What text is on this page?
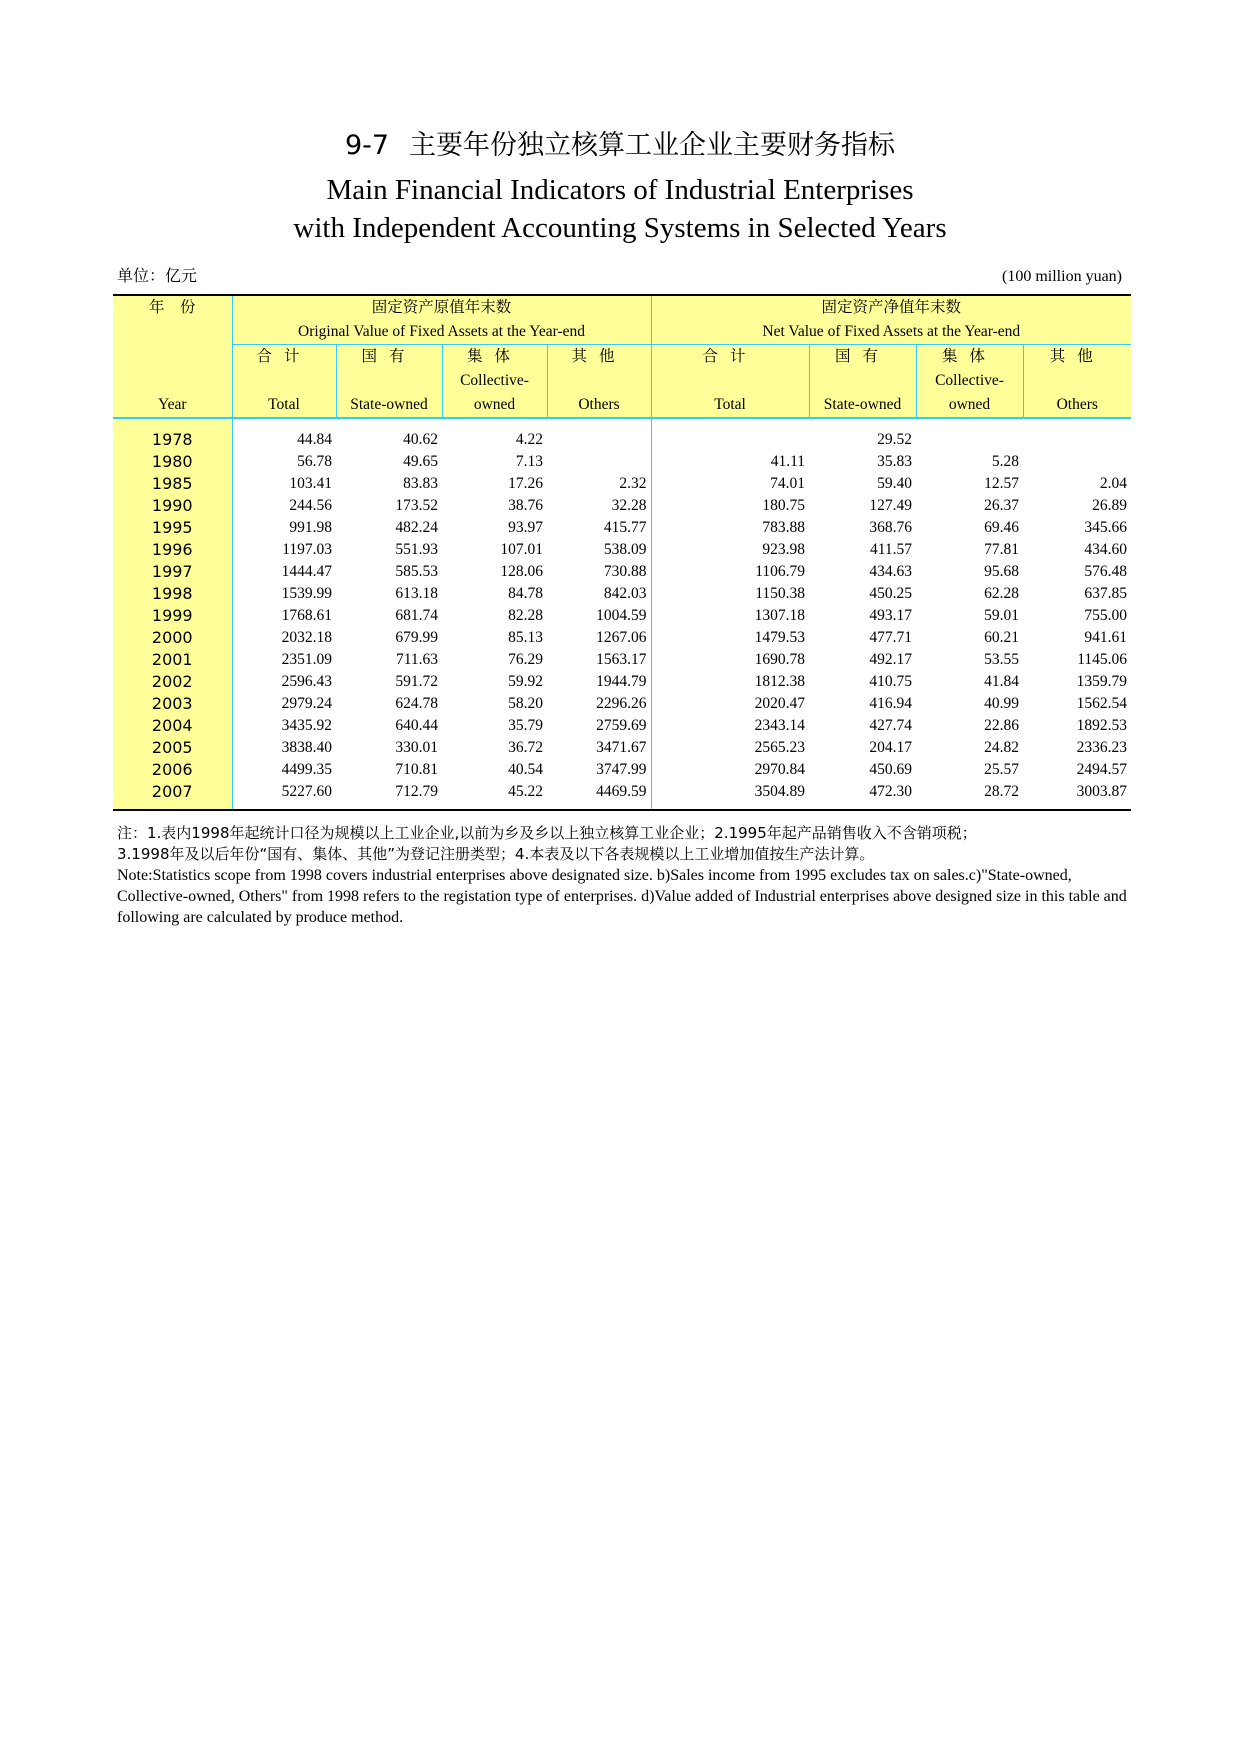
9-7 主要年份独立核算工业企业主要财务指标
Main Financial Indicators of Industrial Enterprises
with Independent Accounting Systems in Selected Years
单位：亿元	(100 million yuan)
年　份	固定资产原值年末数				固定资产净值年末数			
	Original Value of Fixed Assets at the Year-end				Net Value of Fixed Assets at the Year-end			
	合计	国有	集体	其他	合计	国有	集体	其他
			Collective-				Collective-	
Year	Total	State-owned	owned	Others	Total	State-owned	owned	Others
1978	44.84	40.62	4.22			29.52		
1980	56.78	49.65	7.13		41.11	35.83	5.28	
1985	103.41	83.83	17.26	2.32	74.01	59.40	12.57	2.04
1990	244.56	173.52	38.76	32.28	180.75	127.49	26.37	26.89
1995	991.98	482.24	93.97	415.77	783.88	368.76	69.46	345.66
1996	1197.03	551.93	107.01	538.09	923.98	411.57	77.81	434.60
1997	1444.47	585.53	128.06	730.88	1106.79	434.63	95.68	576.48
1998	1539.99	613.18	84.78	842.03	1150.38	450.25	62.28	637.85
1999	1768.61	681.74	82.28	1004.59	1307.18	493.17	59.01	755.00
2000	2032.18	679.99	85.13	1267.06	1479.53	477.71	60.21	941.61
2001	2351.09	711.63	76.29	1563.17	1690.78	492.17	53.55	1145.06
2002	2596.43	591.72	59.92	1944.79	1812.38	410.75	41.84	1359.79
2003	2979.24	624.78	58.20	2296.26	2020.47	416.94	40.99	1562.54
2004	3435.92	640.44	35.79	2759.69	2343.14	427.74	22.86	1892.53
2005	3838.40	330.01	36.72	3471.67	2565.23	204.17	24.82	2336.23
2006	4499.35	710.81	40.54	3747.99	2970.84	450.69	25.57	2494.57
2007	5227.60	712.79	45.22	4469.59	3504.89	472.30	28.72	3003.87
注：1.表内1998年起统计口径为规模以上工业企业,以前为乡及乡以上独立核算工业企业；2.1995年起产品销售收入不含销项税；
3.1998年及以后年份“国有、集体、其他”为登记注册类型；4.本表及以下各表规模以上工业增加值按生产法计算。
Note:Statistics scope from 1998 covers industrial enterprises above designated size. b)Sales income from 1995 excludes tax on sales.c)"State-owned, Collective-owned, Others" from 1998 refers to the registation type of enterprises. d)Value added of Industrial enterprises above designed size in this table and following are calculated by produce method.
